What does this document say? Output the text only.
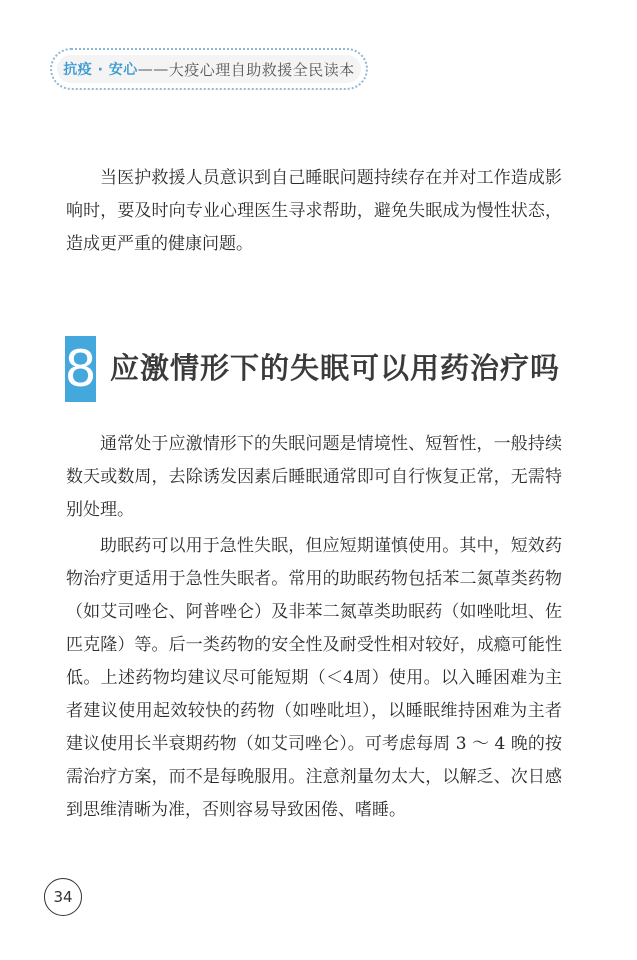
抗疫 · 安心 —— 大疫心理自助救援全民读本

当医护救援人员意识到自己睡眠问题持续存在并对工作造成影响时，要及时向专业心理医生寻求帮助，避免失眠成为慢性状态，造成更严重的健康问题。

8 应激情形下的失眠可以用药治疗吗

通常处于应激情形下的失眠问题是情境性、短暂性，一般持续数天或数周，去除诱发因素后睡眠通常即可自行恢复正常，无需特别处理。

助眠药可以用于急性失眠，但应短期谨慎使用。其中，短效药物治疗更适用于急性失眠者。常用的助眠药物包括苯二氮䓬类药物（如艾司唑仑、阿普唑仑）及非苯二氮䓬类助眠药（如唑吡坦、佐匹克隆）等。后一类药物的安全性及耐受性相对较好，成瘾可能性低。上述药物均建议尽可能短期（＜4周）使用。以入睡困难为主者建议使用起效较快的药物（如唑吡坦），以睡眠维持困难为主者建议使用长半衰期药物（如艾司唑仑）。可考虑每周 3 ～ 4 晚的按需治疗方案，而不是每晚服用。注意剂量勿太大，以解乏、次日感到思维清晰为准，否则容易导致困倦、嗜睡。

34
